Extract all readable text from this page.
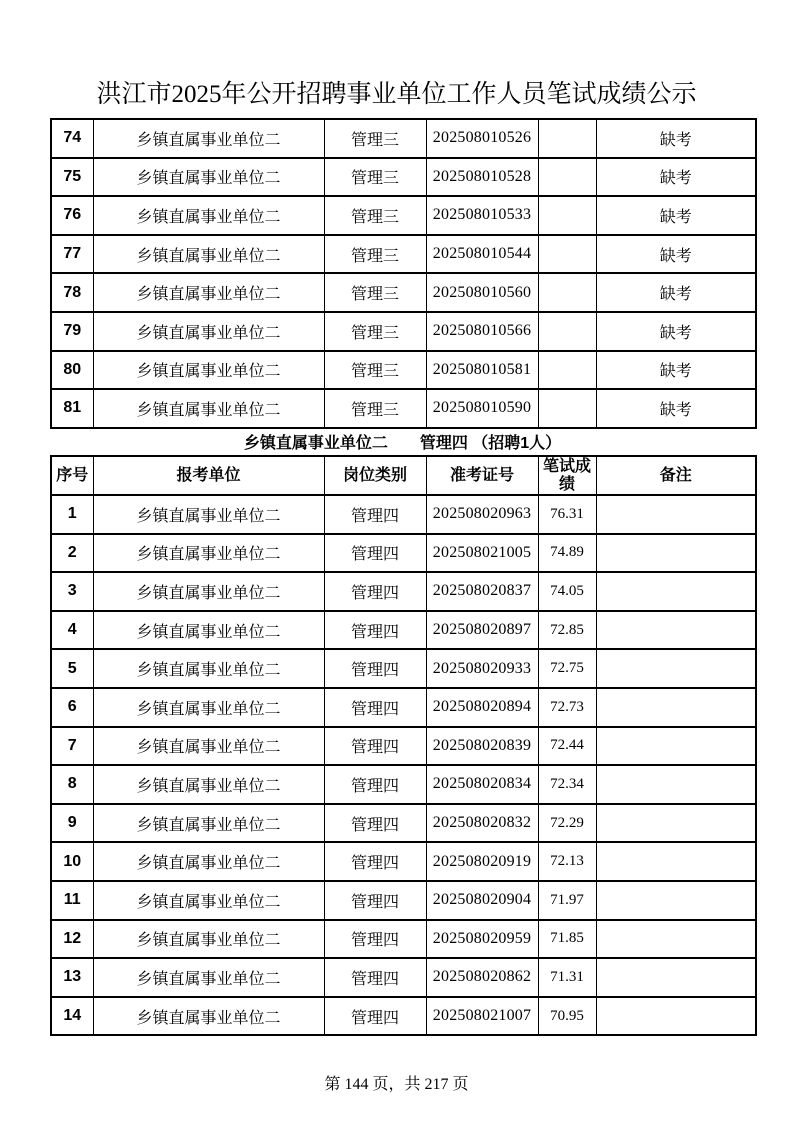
洪江市2025年公开招聘事业单位工作人员笔试成绩公示
74	乡镇直属事业单位二	管理三	202508010526		缺考
75	乡镇直属事业单位二	管理三	202508010528		缺考
76	乡镇直属事业单位二	管理三	202508010533		缺考
77	乡镇直属事业单位二	管理三	202508010544		缺考
78	乡镇直属事业单位二	管理三	202508010560		缺考
79	乡镇直属事业单位二	管理三	202508010566		缺考
80	乡镇直属事业单位二	管理三	202508010581		缺考
81	乡镇直属事业单位二	管理三	202508010590		缺考
乡镇直属事业单位二　　管理四 （招聘1人）
序号	报考单位	岗位类别	准考证号	笔试成绩	备注
1	乡镇直属事业单位二	管理四	202508020963	76.31	
2	乡镇直属事业单位二	管理四	202508021005	74.89	
3	乡镇直属事业单位二	管理四	202508020837	74.05	
4	乡镇直属事业单位二	管理四	202508020897	72.85	
5	乡镇直属事业单位二	管理四	202508020933	72.75	
6	乡镇直属事业单位二	管理四	202508020894	72.73	
7	乡镇直属事业单位二	管理四	202508020839	72.44	
8	乡镇直属事业单位二	管理四	202508020834	72.34	
9	乡镇直属事业单位二	管理四	202508020832	72.29	
10	乡镇直属事业单位二	管理四	202508020919	72.13	
11	乡镇直属事业单位二	管理四	202508020904	71.97	
12	乡镇直属事业单位二	管理四	202508020959	71.85	
13	乡镇直属事业单位二	管理四	202508020862	71.31	
14	乡镇直属事业单位二	管理四	202508021007	70.95	
第 144 页，共 217 页
